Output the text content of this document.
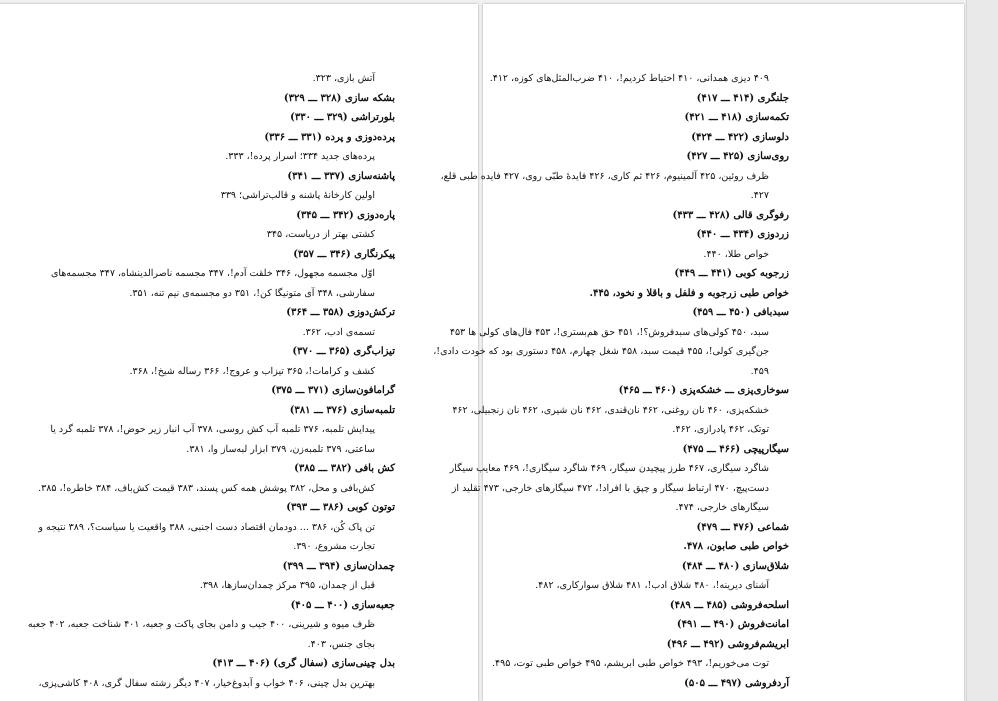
آتش بازی، ۳۲۳.
بشکه سازی (۳۲۸ ـــ ۳۲۹)
بلورتراشی (۳۲۹ ـــ ۳۳۰)
پرده‌دوزی و پرده (۳۳۱ ـــ ۳۳۶)
پرده‌های جدید ۳۳۴؛ اسرار پرده!، ۳۳۳.
پاشنه‌سازی (۳۳۷ ـــ ۳۴۱)
اولین کارخانهٔ پاشنه و قالب‌تراشی؛ ۳۳۹
پاره‌دوزی (۳۴۲ ـــ ۳۴۵)
کشتی بهتر از دریاست، ۳۴۵
پیکرنگاری (۳۴۶ ـــ ۳۵۷)
اوّل مجسمه مجهول، ۳۴۶ خلقت آدم!، ۳۴۷ مجسمه ناصرالدینشاه، ۳۴۷ مجسمه‌های
سفارشی، ۳۴۸ آی متونیگا کن!، ۳۵۱ دو مجسمه‌ی نیم تنه، ۳۵۱.
ترکش‌دوزی (۳۵۸ ـــ ۳۶۴)
تسمه‌ی ادب، ۳۶۲.
تیزاب‌گری (۳۶۵ ـــ ۳۷۰)
کشف و کرامات!، ۳۶۵ تیزاب و عروج!، ۳۶۶ رساله شیخ!، ۳۶۸.
گرامافون‌سازی (۳۷۱ ـــ ۳۷۵)
تلمبه‌سازی (۳۷۶ ـــ ۳۸۱)
پیدایش تلمبه، ۳۷۶ تلمبه آب کش روسی، ۳۷۸ آب انبار زیر حوض!، ۳۷۸ تلمبه گرد یا
ساعتی، ۳۷۹ تلمبه‌زن، ۳۷۹ ابزار لبه‌ساز وا، ۳۸۱.
کش بافی (۳۸۲ ـــ ۳۸۵)
کش‌بافی و محل، ۳۸۲ پوشش همه کس پسند، ۳۸۳ قیمت کش‌باف، ۳۸۴ خاطره!، ۳۸۵.
توتون کوبی (۳۸۶ ـــ ۳۹۳)
تن پاک کُن، ۳۸۶ ... دودمان اقتصاد دست اجنبی، ۳۸۸ واقعیت یا سیاست؟، ۳۸۹ نتیجه و
تجارت مشروع، ۳۹۰.
چمدان‌سازی (۳۹۴ ـــ ۳۹۹)
قبل از چمدان، ۳۹۵ مرکز چمدان‌سازها، ۳۹۸.
جعبه‌سازی (۴۰۰ ـــ ۴۰۵)
ظرف میوه و شیرینی، ۴۰۰ جیب و دامن بجای پاکت و جعبه، ۴۰۱ شناخت جعبه، ۴۰۲ جعبه
بجای جنس، ۴۰۳.
بدل چینی‌سازی (سفال گری) (۴۰۶ ـــ ۴۱۳)
بهترین بدل چینی، ۴۰۶ خواب و آبدوغ‌خیار، ۴۰۷ دیگر رشته سفال گری، ۴۰۸ کاشی‌پزی،
۴۰۹ دیزی همدانی، ۴۱۰ احتیاط کردیم!، ۴۱۰ ضرب‌المثل‌های کوزه، ۴۱۲.
جلنگری (۴۱۴ ـــ ۴۱۷)
تکمه‌سازی (۴۱۸ ـــ ۴۲۱)
دلوسازی (۴۲۲ ـــ ۴۲۴)
روی‌سازی (۴۲۵ ـــ ۴۲۷)
ظرف روئین، ۴۲۵ آلمینیوم، ۴۲۶ ثم کاری، ۴۲۶ فایدهٔ طبّی روی، ۴۲۷ فایده طبی قلع،
۴۲۷.
رفوگری قالی (۴۲۸ ـــ ۴۳۳)
زردوزی (۴۳۴ ـــ ۴۴۰)
خواص طلا، ۴۴۰.
زرجوبه کوبی (۴۴۱ ـــ ۴۴۹)
خواص طبی زرجوبه و فلفل و باقلا و نخود، ۴۴۵.
سبدبافی (۴۵۰ ـــ ۴۵۹)
سبد، ۴۵۰ کولی‌های سبدفروش؟!، ۴۵۱ حق هم‌بستری!، ۴۵۳ فال‌های کولی ها ۴۵۳
جن‌گیری کولی!، ۴۵۵ قیمت سبد، ۴۵۸ شغل چهارم، ۴۵۸ دستوری بود که خودت دادی!،
۴۵۹.
سوخاری‌پزی ـــ خشکه‌پزی (۴۶۰ ـــ ۴۶۵)
خشکه‌پزی، ۴۶۰ نان روغنی، ۴۶۲ نان‌قندی، ۴۶۲ نان شیری، ۴۶۲ نان زنجبیلی، ۴۶۲
توتک، ۴۶۲ پادرازی، ۴۶۲.
سیگارپیچی (۴۶۶ ـــ ۴۷۵)
شاگرد سیگاری، ۴۶۷ طرز پیچیدن سیگار، ۴۶۹ شاگرد سیگاری!، ۴۶۹ معایب سیگار
دست‌پیچ، ۴۷۰ ارتباط سیگار و چپق با افراد!، ۴۷۲ سیگارهای خارجی، ۴۷۳ تقلید از
سیگارهای خارجی، ۴۷۴.
شماعی (۴۷۶ ـــ ۴۷۹)
خواص طبی صابون، ۴۷۸.
شلاق‌سازی (۴۸۰ ـــ ۴۸۴)
آشنای دیرینه!، ۴۸۰ شلاق ادب!، ۴۸۱ شلاق سوارکاری، ۴۸۲.
اسلحه‌فروشی (۴۸۵ ـــ ۴۸۹)
امانت‌فروش (۴۹۰ ـــ ۴۹۱)
ابریشم‌فروشی (۴۹۲ ـــ ۴۹۶)
توت می‌خوریم!، ۴۹۳ خواص طبی ابریشم، ۴۹۵ خواص طبی توت، ۴۹۵.
آردفروشی (۴۹۷ ـــ ۵۰۵)
